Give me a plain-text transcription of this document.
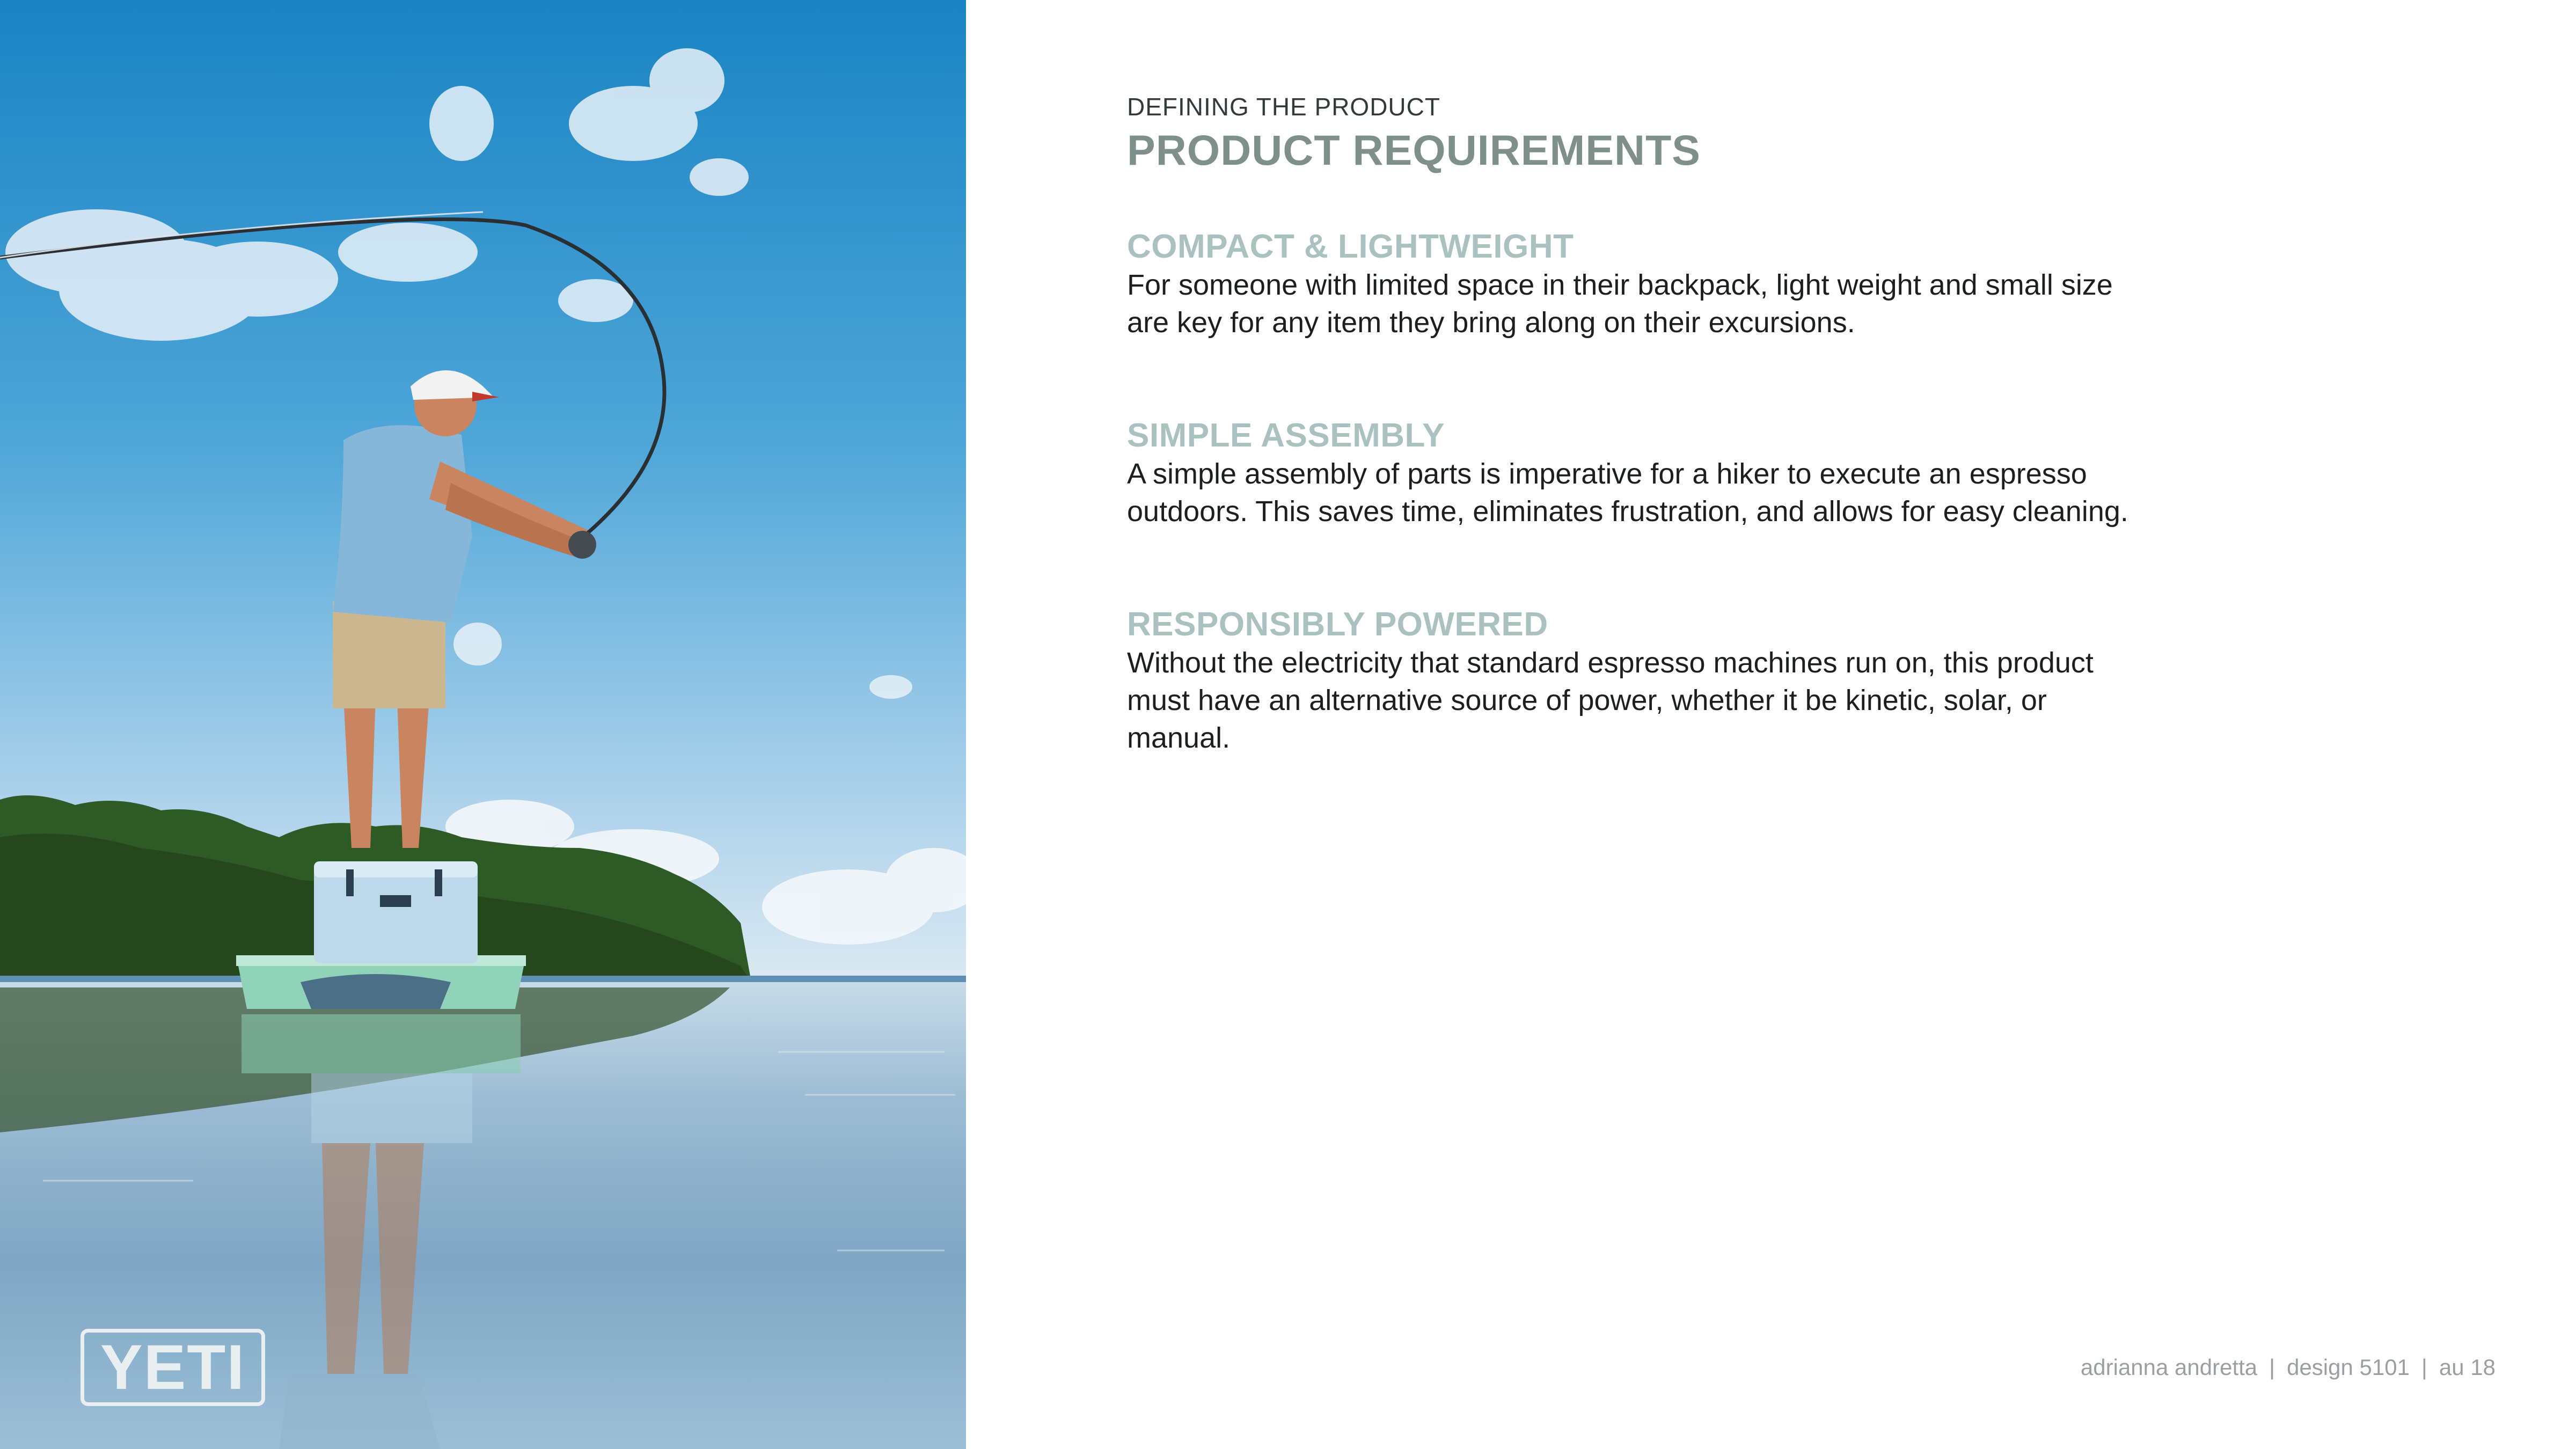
YETI

DEFINING THE PRODUCT

PRODUCT REQUIREMENTS
COMPACT & LIGHTWEIGHT
For someone with limited space in their backpack, light weight and small size are key for any item they bring along on their excursions.
SIMPLE ASSEMBLY
A simple assembly of parts is imperative for a hiker to execute an espresso outdoors. This saves time, eliminates frustration, and allows for easy cleaning.
RESPONSIBLY POWERED
Without the electricity that standard espresso machines run on, this product must have an alternative source of power, whether it be kinetic, solar, or manual.
adrianna andretta | design 5101 | au 18
